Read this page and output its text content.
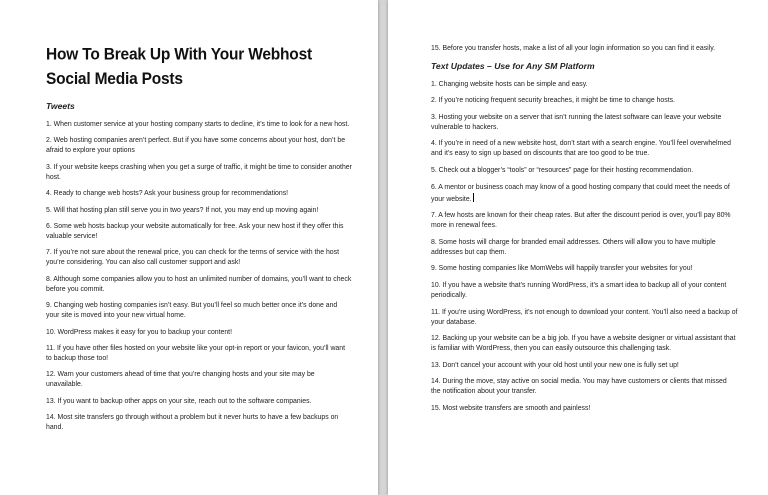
How To Break Up With Your Webhost
Social Media Posts
Tweets
1. When customer service at your hosting company starts to decline, it’s time to look for a new host.
2. Web hosting companies aren’t perfect. But if you have some concerns about your host, don’t be afraid to explore your options
3. If your website keeps crashing when you get a surge of traffic, it might be time to consider another host.
4. Ready to change web hosts? Ask your business group for recommendations!
5. Will that hosting plan still serve you in two years? If not, you may end up moving again!
6. Some web hosts backup your website automatically for free. Ask your new host if they offer this valuable service!
7. If you’re not sure about the renewal price, you can check for the terms of service with the host you’re considering. You can also call customer support and ask!
8. Although some companies allow you to host an unlimited number of domains, you’ll want to check before you commit.
9. Changing web hosting companies isn’t easy. But you’ll feel so much better once it’s done and your site is moved into your new virtual home.
10. WordPress makes it easy for you to backup your content!
11. If you have other files hosted on your website like your opt-in report or your favicon, you’ll want to backup those too!
12. Warn your customers ahead of time that you’re changing hosts and your site may be unavailable.
13. If you want to backup other apps on your site, reach out to the software companies.
14. Most site transfers go through without a problem but it never hurts to have a few backups on hand.
15. Before you transfer hosts, make a list of all your login information so you can find it easily.
Text Updates – Use for Any SM Platform
1. Changing website hosts can be simple and easy.
2. If you’re noticing frequent security breaches, it might be time to change hosts.
3. Hosting your website on a server that isn’t running the latest software can leave your website vulnerable to hackers.
4. If you’re in need of a new website host, don’t start with a search engine. You’ll feel overwhelmed and it’s easy to sign up based on discounts that are too good to be true.
5. Check out a blogger’s “tools” or “resources” page for their hosting recommendation.
6. A mentor or business coach may know of a good hosting company that could meet the needs of your website.
7. A few hosts are known for their cheap rates. But after the discount period is over, you’ll pay 80% more in renewal fees.
8. Some hosts will charge for branded email addresses. Others will allow you to have multiple addresses but cap them.
9. Some hosting companies like MomWebs will happily transfer your websites for you!
10. If you have a website that’s running WordPress, it’s a smart idea to backup all of your content periodically.
11. If you’re using WordPress, it’s not enough to download your content. You’ll also need a backup of your database.
12. Backing up your website can be a big job. If you have a website designer or virtual assistant that is familiar with WordPress, then you can easily outsource this challenging task.
13. Don’t cancel your account with your old host until your new one is fully set up!
14. During the move, stay active on social media. You may have customers or clients that missed the notification about your transfer.
15. Most website transfers are smooth and painless!
